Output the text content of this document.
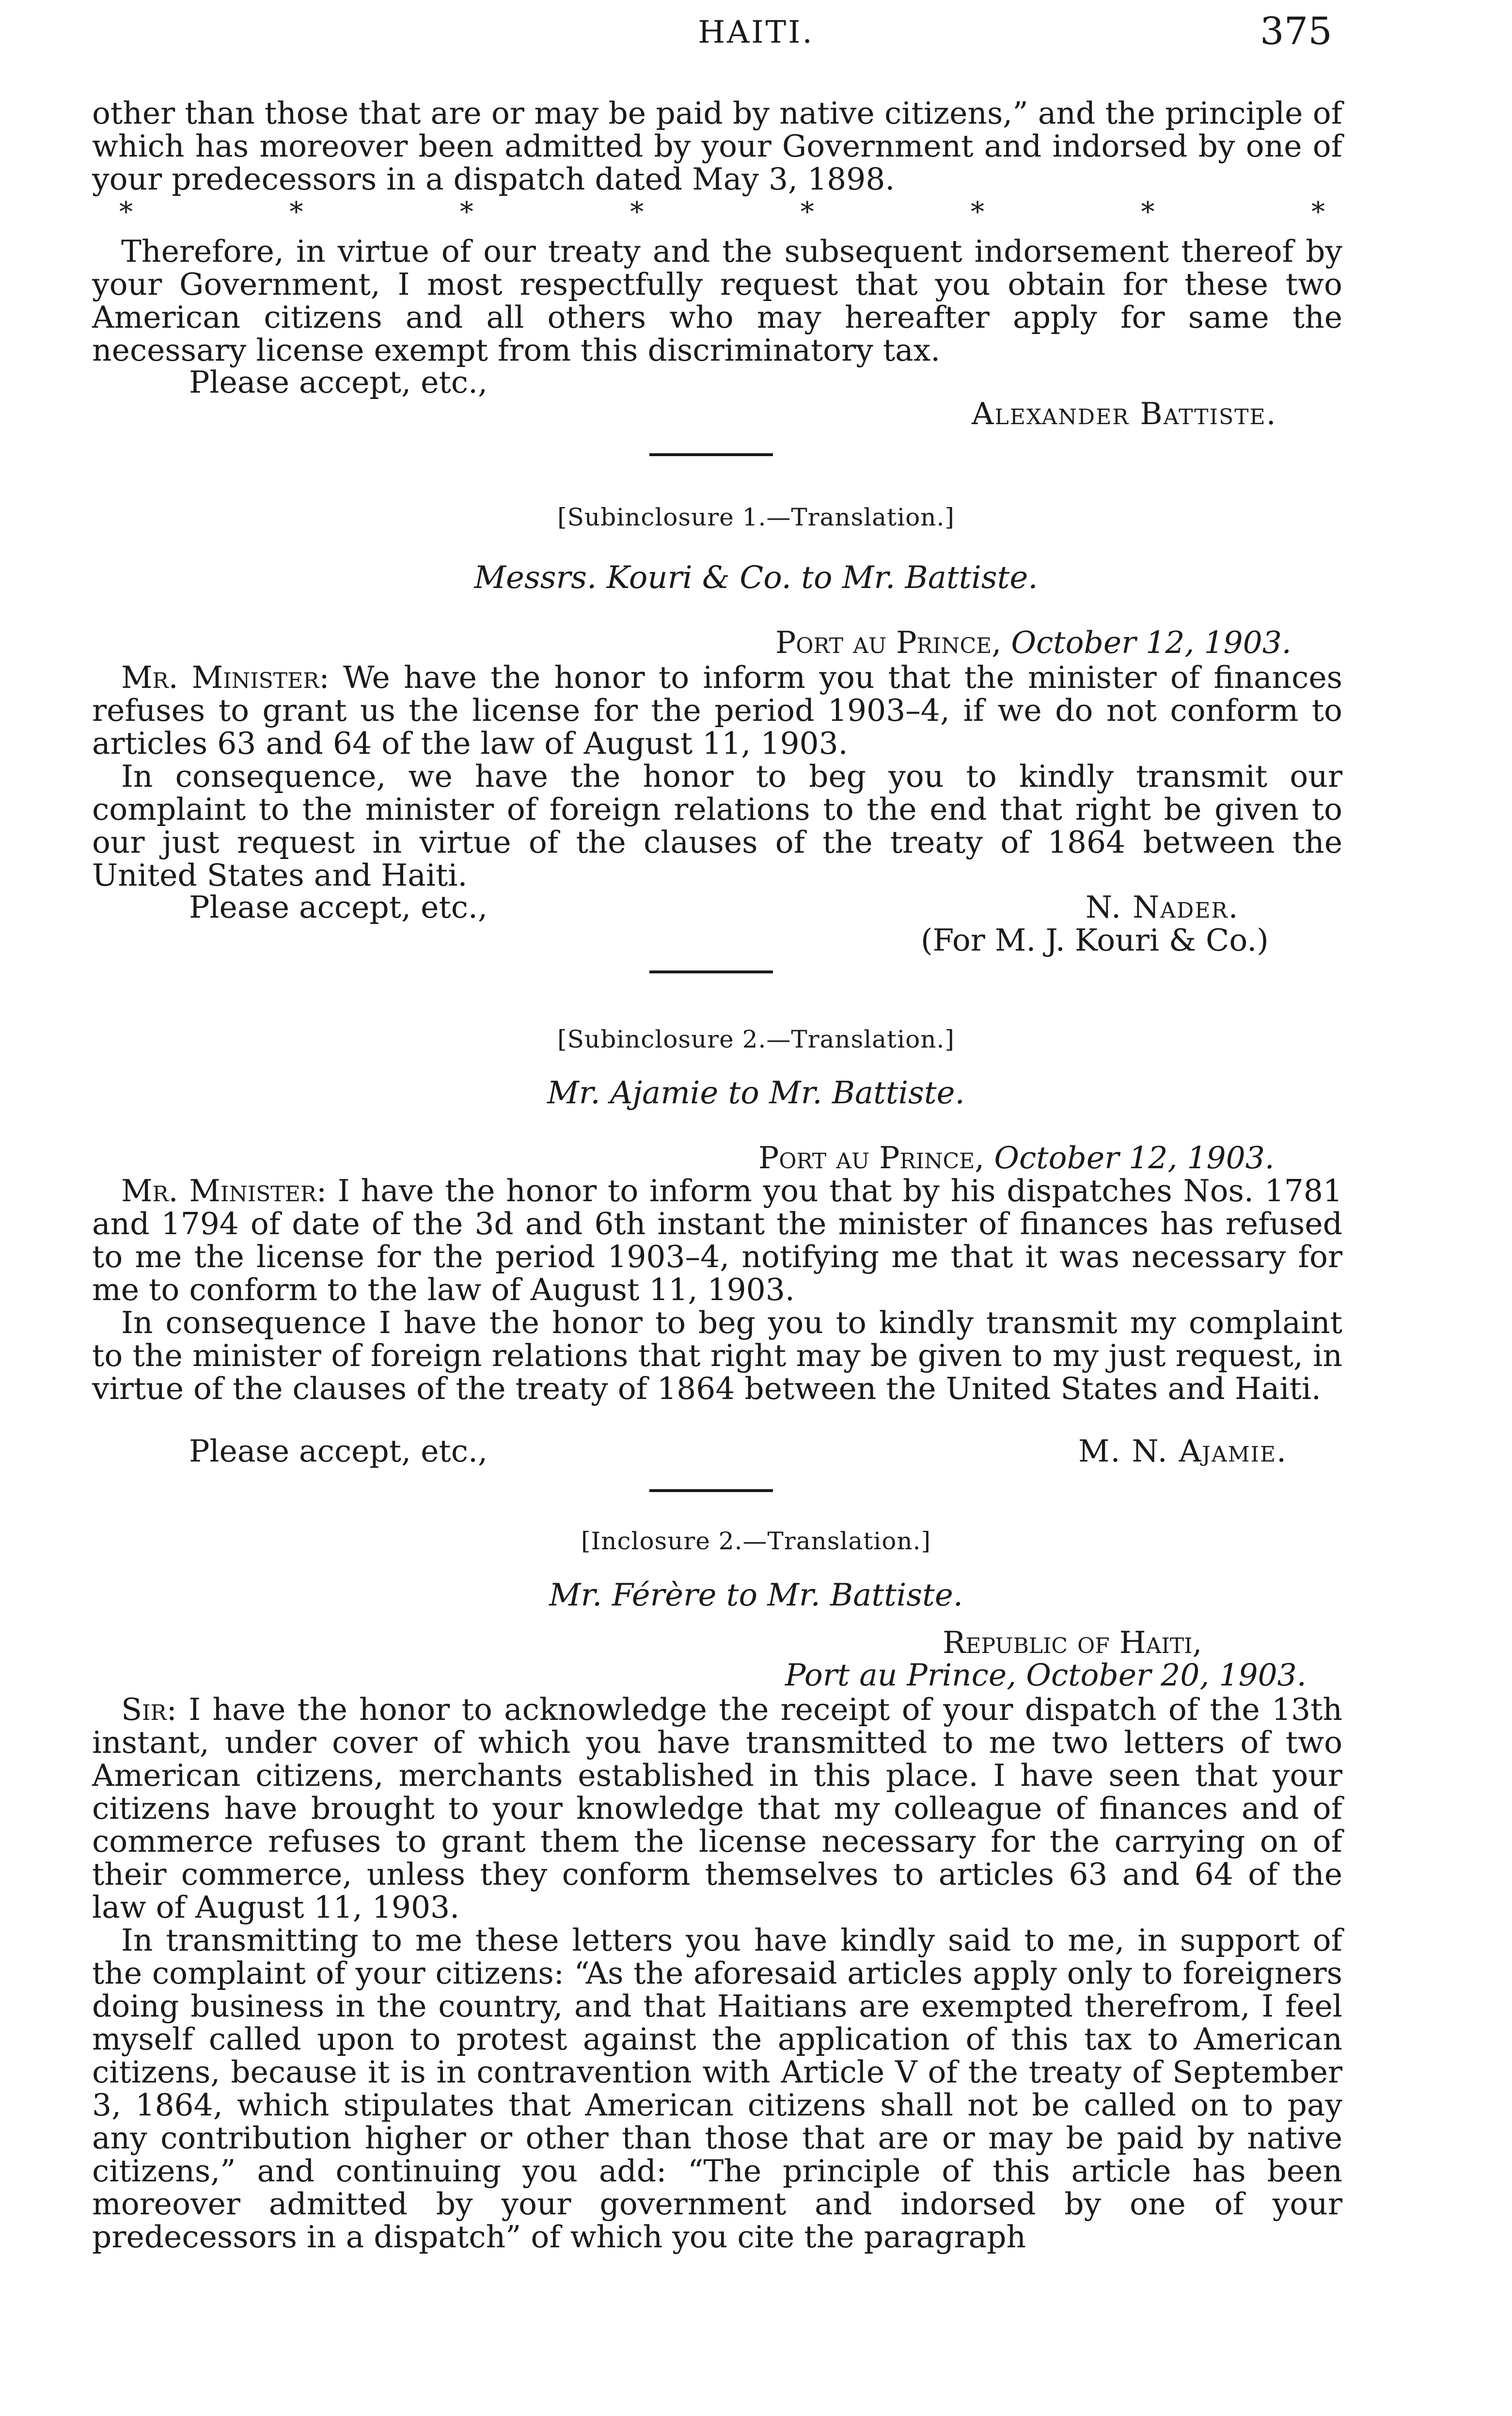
HAITI.	375

other than those that are or may be paid by native citizens,” and the principle of which has moreover been admitted by your Government and indorsed by one of your predecessors in a dispatch dated May 3, 1898.

*	*	*	*	*	*	*	*

Therefore, in virtue of our treaty and the subsequent indorsement thereof by your Government, I most respectfully request that you obtain for these two American citizens and all others who may hereafter apply for same the necessary license exempt from this discriminatory tax.

Please accept, etc.,
Alexander Battiste.
[Subinclosure 1.—Translation.]
Messrs. Kouri & Co. to Mr. Battiste.
Port au Prince, October 12, 1903.

Mr. Minister: We have the honor to inform you that the minister of finances refuses to grant us the license for the period 1903–4, if we do not conform to articles 63 and 64 of the law of August 11, 1903.

In consequence, we have the honor to beg you to kindly transmit our complaint to the minister of foreign relations to the end that right be given to our just request in virtue of the clauses of the treaty of 1864 between the United States and Haiti.

Please accept, etc.,	N. Nader.
(For M. J. Kouri & Co.)
[Subinclosure 2.—Translation.]
Mr. Ajamie to Mr. Battiste.
Port au Prince, October 12, 1903.

Mr. Minister: I have the honor to inform you that by his dispatches Nos. 1781 and 1794 of date of the 3d and 6th instant the minister of finances has refused to me the license for the period 1903–4, notifying me that it was necessary for me to conform to the law of August 11, 1903.

In consequence I have the honor to beg you to kindly transmit my complaint to the minister of foreign relations that right may be given to my just request, in virtue of the clauses of the treaty of 1864 between the United States and Haiti.

Please accept, etc.,	M. N. Ajamie.
[Inclosure 2.—Translation.]
Mr. Férère to Mr. Battiste.
Republic of Haiti,
Port au Prince, October 20, 1903.

Sir: I have the honor to acknowledge the receipt of your dispatch of the 13th instant, under cover of which you have transmitted to me two letters of two American citizens, merchants established in this place. I have seen that your citizens have brought to your knowledge that my colleague of finances and of commerce refuses to grant them the license necessary for the carrying on of their commerce, unless they conform themselves to articles 63 and 64 of the law of August 11, 1903.

In transmitting to me these letters you have kindly said to me, in support of the complaint of your citizens: “As the aforesaid articles apply only to foreigners doing business in the country, and that Haitians are exempted therefrom, I feel myself called upon to protest against the application of this tax to American citizens, because it is in contravention with Article V of the treaty of September 3, 1864, which stipulates that American citizens shall not be called on to pay any contribution higher or other than those that are or may be paid by native citizens,” and continuing you add: “The principle of this article has been moreover admitted by your government and indorsed by one of your predecessors in a dispatch” of which you cite the paragraph
